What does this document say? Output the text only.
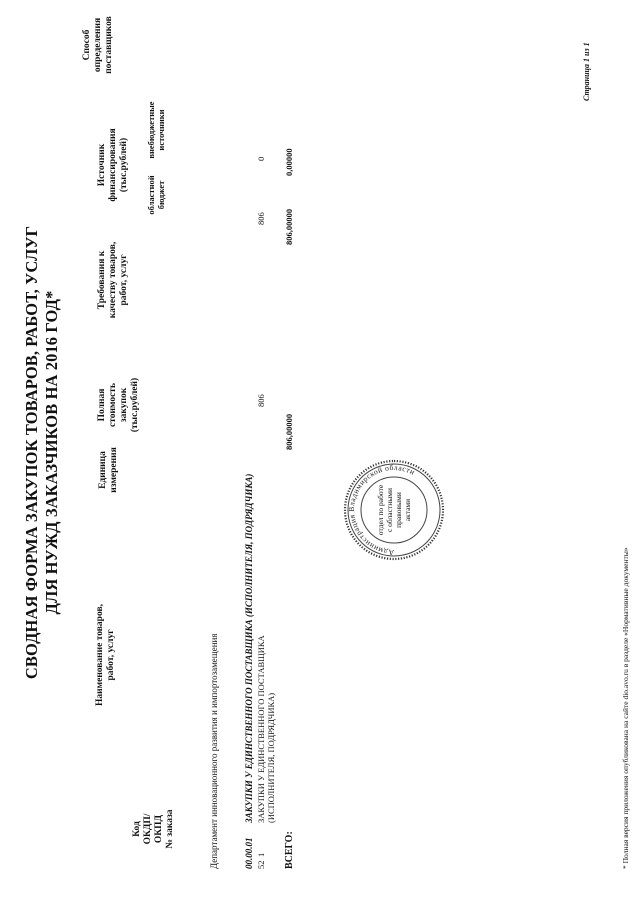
СВОДНАЯ ФОРМА ЗАКУПОК ТОВАРОВ, РАБОТ, УСЛУГ ДЛЯ НУЖД ЗАКАЗЧИКОВ НА 2016 ГОД*
Код ОКДП/ ОКПД № заказа
Наименование товаров, работ, услуг
Единица измерения
Полная стоимость закупок (тыс.рублей)
Требования к качеству товаров, работ, услуг
Источник финансирования (тыс.рублей)
областной бюджет
внебюджетные источники
Способ определения поставщиков
Департамент инновационного развития и импортозамещения	00.00.01
ЗАКУПКИ У ЕДИНСТВЕННОГО ПОСТАВЩИКА (ИСПОЛНИТЕЛЯ, ПОДРЯДЧИКА)
52
1
ЗАКУПКИ У ЕДИНСТВЕННОГО ПОСТАВЩИКА (ИСПОЛНИТЕЛЯ, ПОДРЯДЧИКА)
806
806
0
ВСЕГО:
806,00000
806,00000
0,00000
Администрация Владимирской области
отдел по работе с областными правовыми актами
* Полная версия приложения опубликована на сайте dio.avo.ru в разделе «Нормативные документы»
Страница 1 из 1
